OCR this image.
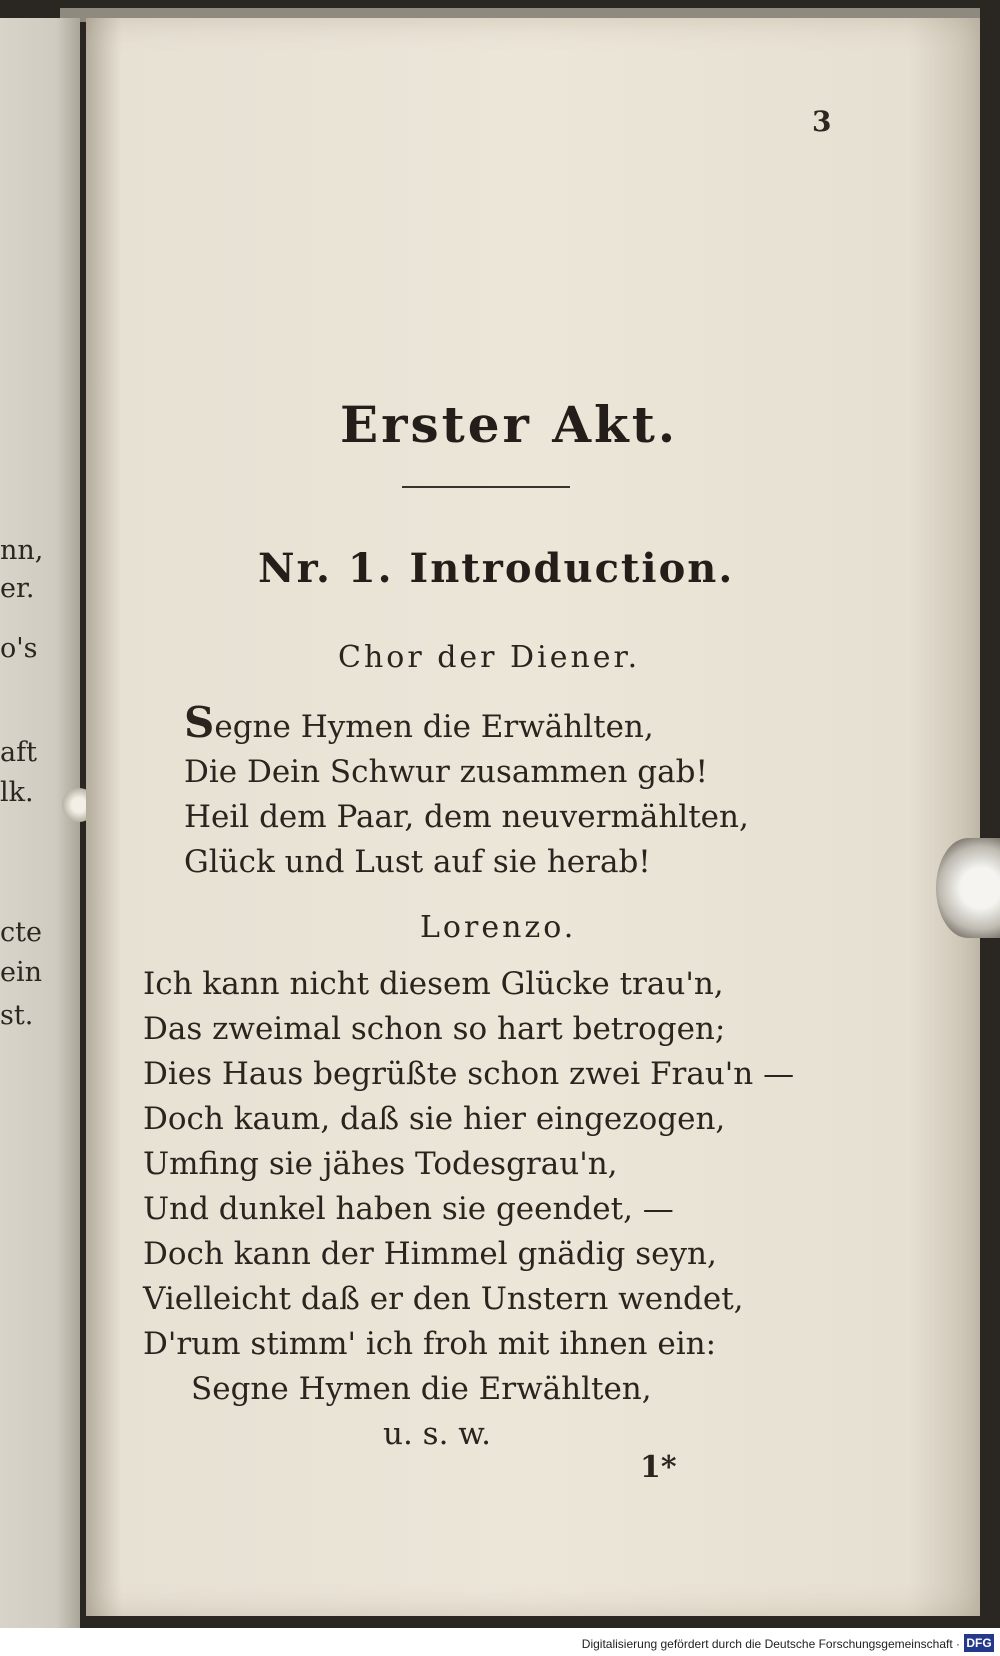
nn,
er.
o's
aft
lk.
cte
ein
st.
3
Erster Akt.
Nr. 1. Introduction.
Chor der Diener.
Segne Hymen die Erwählten,
Die Dein Schwur zusammen gab!
Heil dem Paar, dem neuvermählten,
Glück und Lust auf sie herab!
Lorenzo.
Ich kann nicht diesem Glücke trau'n,
Das zweimal schon so hart betrogen;
Dies Haus begrüßte schon zwei Frau'n —
Doch kaum, daß sie hier eingezogen,
Umfing sie jähes Todesgrau'n,
Und dunkel haben sie geendet, —
Doch kann der Himmel gnädig seyn,
Vielleicht daß er den Unstern wendet,
D'rum stimm' ich froh mit ihnen ein:
Segne Hymen die Erwählten,
u. s. w.
1*
Digitalisierung gefördert durch die Deutsche Forschungsgemeinschaft · DFG
